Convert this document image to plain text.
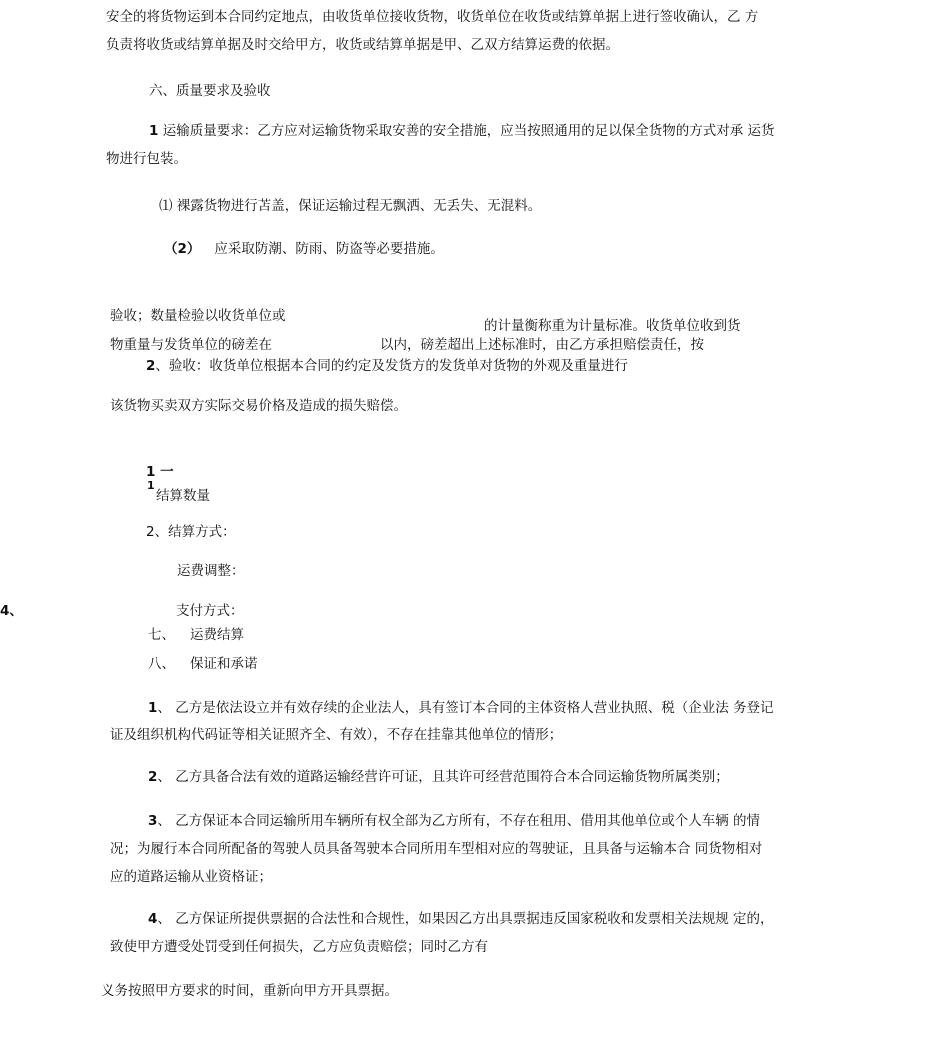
安全的将货物运到本合同约定地点，由收货单位接收货物，收货单位在收货或结算单据上进行签收确认，乙 方
负责将收货或结算单据及时交给甲方，收货或结算单据是甲、乙双方结算运费的依据。
六、质量要求及验收
1 运输质量要求：乙方应对运输货物采取安善的安全措施，应当按照通用的足以保全货物的方式对承 运货
物进行包装。
⑴ 裸露货物进行苫盖，保证运输过程无飘洒、无丢失、无混料。
（2） 应采取防潮、防雨、防盗等必要措施。
验收；数量检验以收货单位或
的计量衡称重为计量标准。收货单位收到货
物重量与发货单位的磅差在	以内，磅差超出上述标准时，由乙方承担赔偿责任，按
2、验收：收货单位根据本合同的约定及发货方的发货单对货物的外观及重量进行
该货物买卖双方实际交易价格及造成的损失赔偿。
1 一
1
结算数量
2、结算方式：
运费调整：
4、	支付方式：
七、 运费结算
八、 保证和承诺
1、 乙方是依法设立并有效存续的企业法人，具有签订本合同的主体资格人营业执照、税（企业法 务登记
证及组织机构代码证等相关证照齐全、有效），不存在挂靠其他单位的情形；
2、 乙方具备合法有效的道路运输经营许可证，且其许可经营范围符合本合同运输货物所属类别；
3、 乙方保证本合同运输所用车辆所有权全部为乙方所有，不存在租用、借用其他单位或个人车辆 的情
况；为履行本合同所配备的驾驶人员具备驾驶本合同所用车型相对应的驾驶证，且具备与运输本合 同货物相对
应的道路运输从业资格证；
4、 乙方保证所提供票据的合法性和合规性，如果因乙方出具票据违反国家税收和发票相关法规规 定的，
致使甲方遭受处罚受到任何损失，乙方应负责赔偿；同时乙方有
义务按照甲方要求的时间，重新向甲方开具票据。
